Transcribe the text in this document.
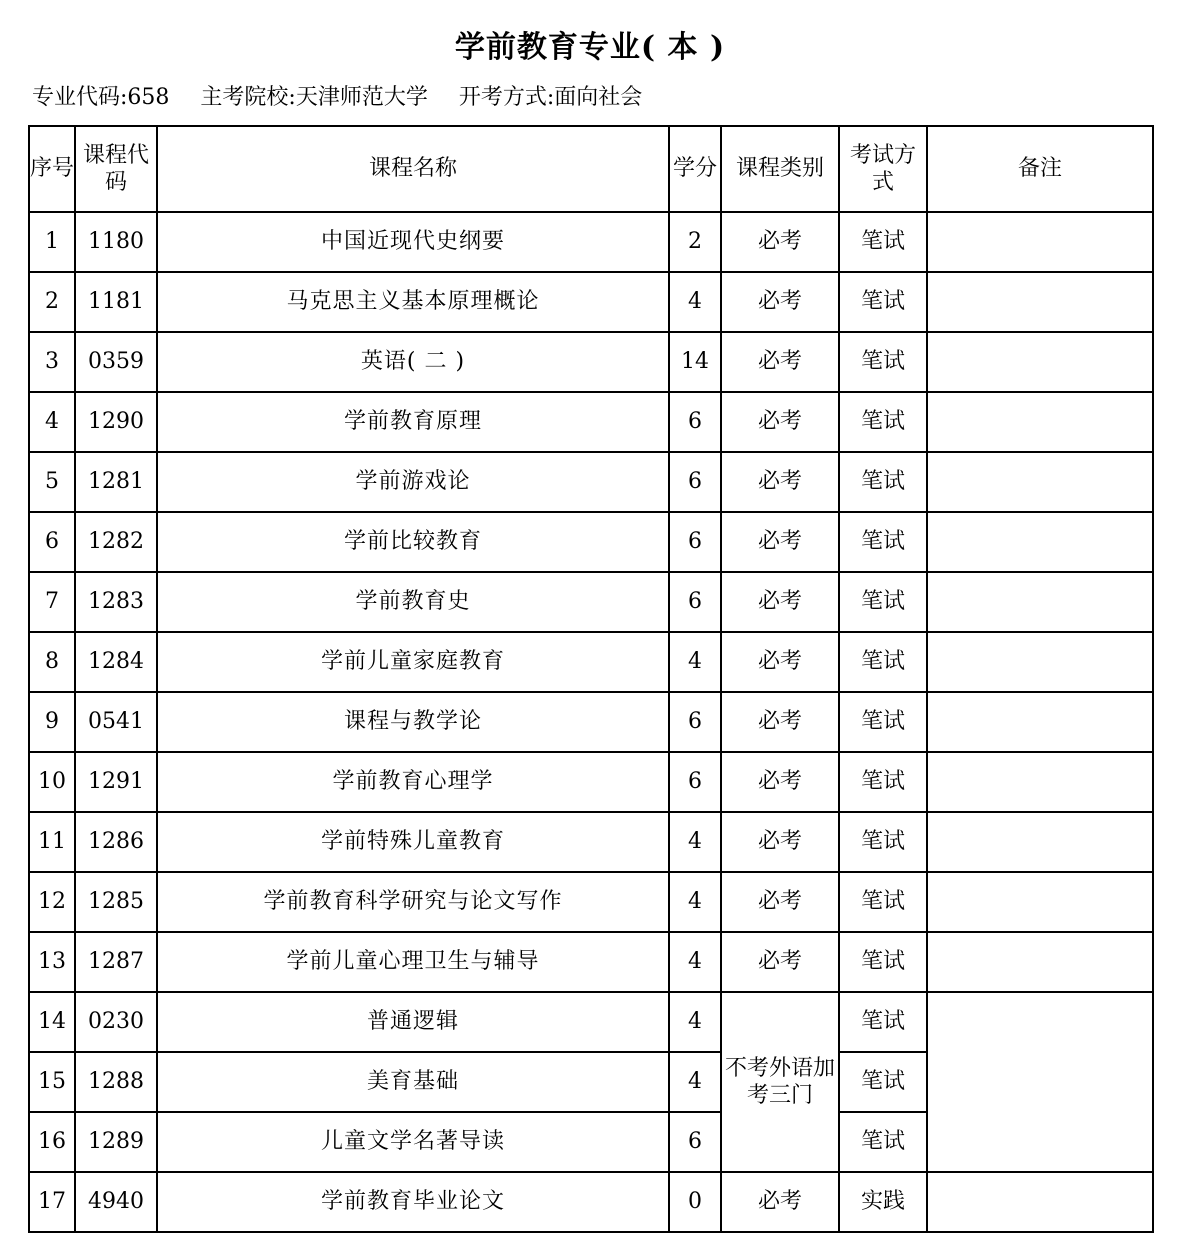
学前教育专业( 本 )
专业代码:658 主考院校:天津师范大学 开考方式:面向社会
序号	课程代码	课程名称	学分	课程类别	考试方式	备注
1	1180	中国近现代史纲要	2	必考	笔试	
2	1181	马克思主义基本原理概论	4	必考	笔试	
3	0359	英语( 二 )	14	必考	笔试	
4	1290	学前教育原理	6	必考	笔试	
5	1281	学前游戏论	6	必考	笔试	
6	1282	学前比较教育	6	必考	笔试	
7	1283	学前教育史	6	必考	笔试	
8	1284	学前儿童家庭教育	4	必考	笔试	
9	0541	课程与教学论	6	必考	笔试	
10	1291	学前教育心理学	6	必考	笔试	
11	1286	学前特殊儿童教育	4	必考	笔试	
12	1285	学前教育科学研究与论文写作	4	必考	笔试	
13	1287	学前儿童心理卫生与辅导	4	必考	笔试	
14	0230	普通逻辑	4	不考外语加考三门	笔试	
15	1288	美育基础	4		笔试	
16	1289	儿童文学名著导读	6		笔试	
17	4940	学前教育毕业论文	0	必考	实践	
